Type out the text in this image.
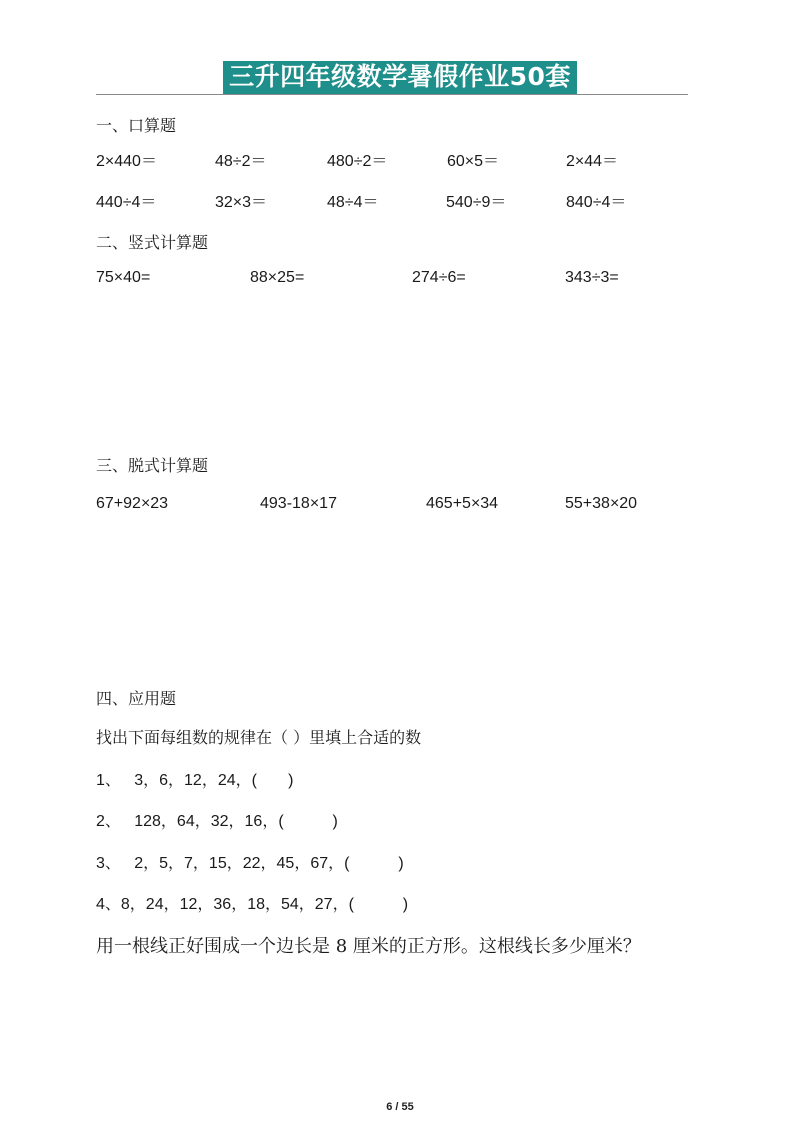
三升四年级数学暑假作业50套
一、口算题
2×440＝	48÷2＝	480÷2＝	60×5＝	2×44＝
440÷4＝	32×3＝	48÷4＝	540÷9＝	840÷4＝
二、竖式计算题
75×40=	88×25=	274÷6=	343÷3=
三、脱式计算题
67+92×23	493-18×17	465+5×34	55+38×20
四、应用题
找出下面每组数的规律在（ ）里填上合适的数
1、   3，6，12，24，(       )
2、   128，64，32，16，(           )
3、   2，5，7，15，22，45，67，(           )
4、8，24，12，36，18，54，27，(           )
用一根线正好围成一个边长是 8 厘米的正方形。这根线长多少厘米？
6 / 55
